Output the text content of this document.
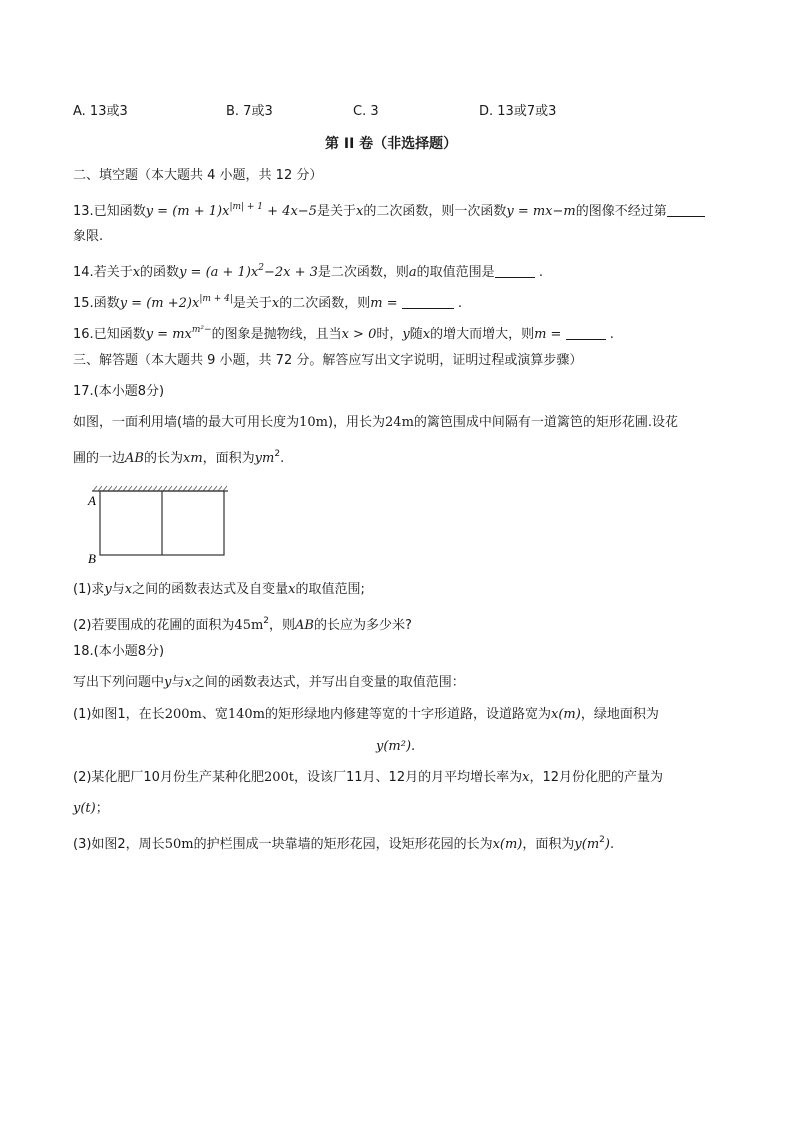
A. 13或3	B. 7或3	C. 3	D. 13或7或3
第 II 卷（非选择题）
二、填空题（本大题共 4 小题，共 12 分）
13.已知函数$y = (m + 1)x^{|m| + 1} + 4x-5$是关于x的二次函数，则一次函数y = mx−m的图像不经过第
象限.
14.若关于x的函数$y = (a + 1)x^2-2x + 3$是二次函数，则a的取值范围是	.
15.函数$y = (m +2)x^{|m + 4|}$是关于x的二次函数，则m =	.
16.已知函数$y = mx^{m^2-}$的图象是抛物线，且当x > 0时，y随x的增大而增大，则m =	.
三、解答题（本大题共 9 小题，共 72 分。解答应写出文字说明，证明过程或演算步骤）
17.(本小题8分)
如图，一面利用墙(墙的最大可用长度为10m)，用长为24m的篱笆围成中间隔有一道篱笆的矩形花圃.设花
圃的一边AB的长为xm，面积为$ym^2$.
A
B
(1)求y与x之间的函数表达式及自变量x的取值范围;
(2)若要围成的花圃的面积为$45m^2$，则AB的长应为多少米?
18.(本小题8分)
写出下列问题中y与x之间的函数表达式，并写出自变量的取值范围：
(1)如图1，在长200m、宽140m的矩形绿地内修建等宽的十字形道路，设道路宽为x(m)，绿地面积为
y(m²).
(2)某化肥厂10月份生产某种化肥200t，设该厂11月、12月的月平均增长率为x，12月份化肥的产量为
y(t)；
(3)如图2，周长50m的护栏围成一块靠墙的矩形花园，设矩形花园的长为x(m)，面积为$y(m^2)$.
